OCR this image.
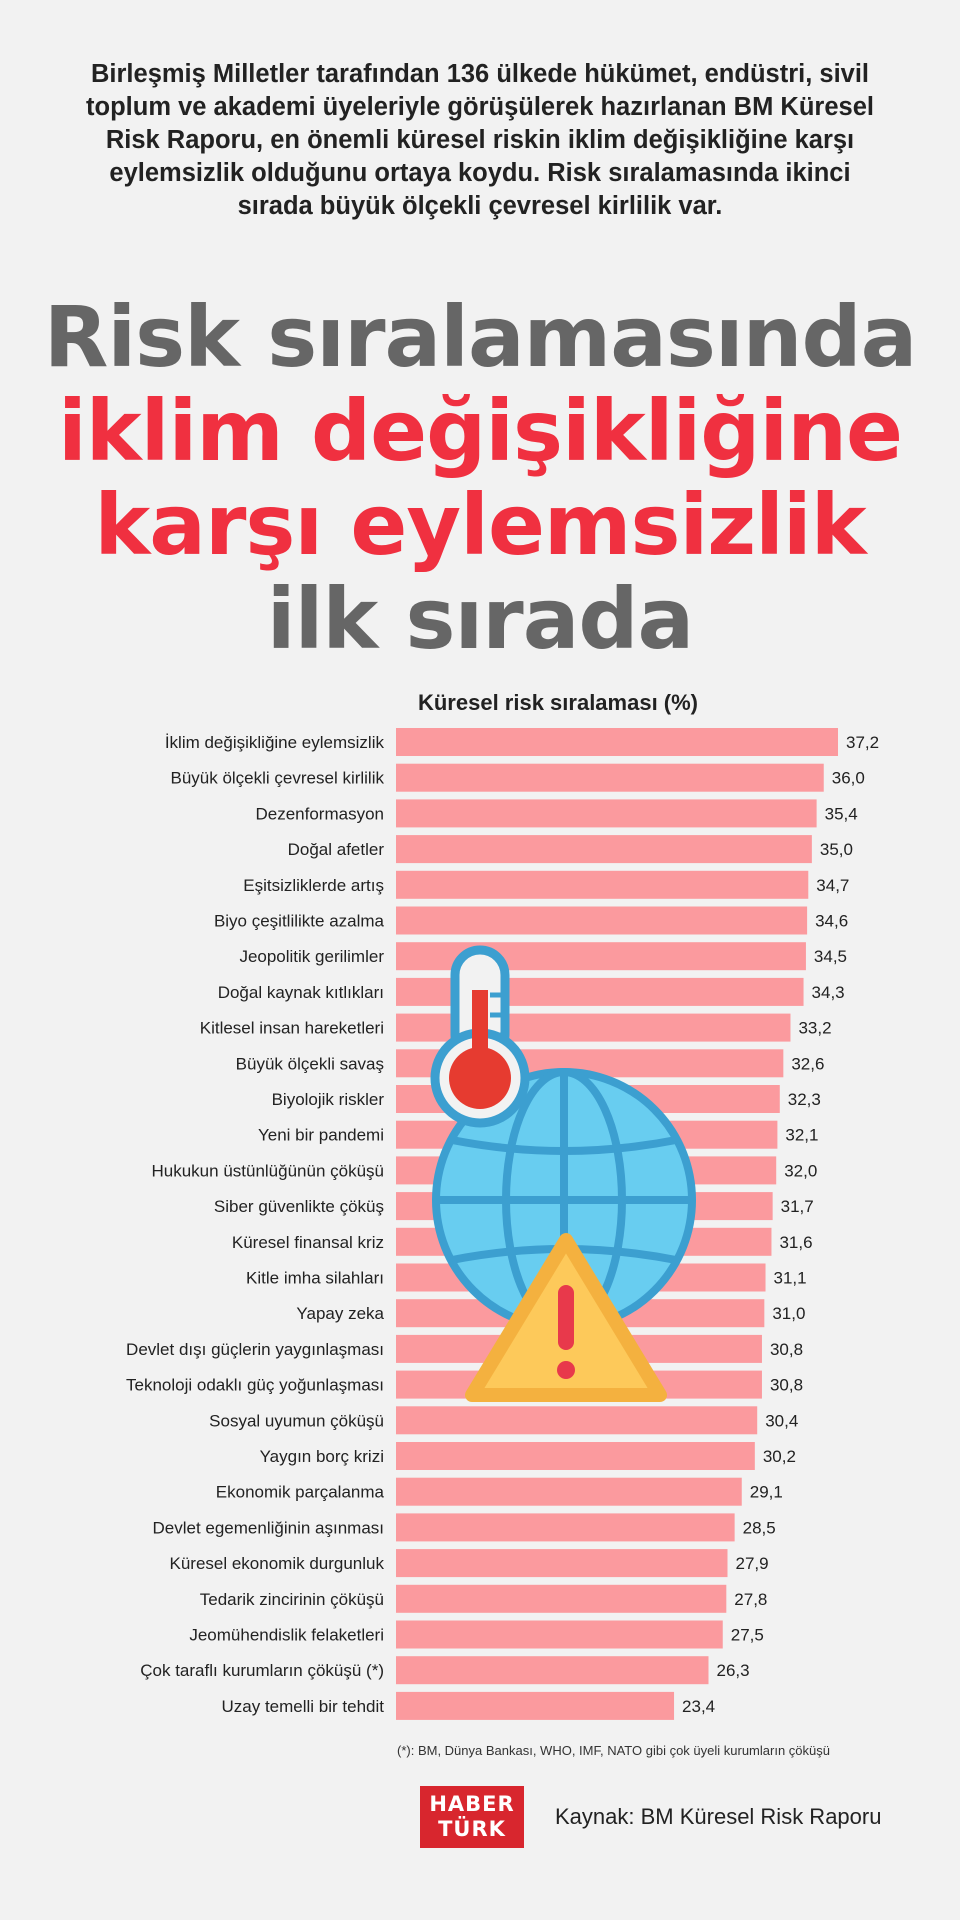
Birleşmiş Milletler tarafından 136 ülkede hükümet, endüstri, sivil toplum ve akademi üyeleriyle görüşülerek hazırlanan BM Küresel Risk Raporu, en önemli küresel riskin iklim değişikliğine karşı eylemsizlik olduğunu ortaya koydu. Risk sıralamasında ikinci sırada büyük ölçekli çevresel kirlilik var.
Risk sıralamasında
iklim değişikliğine
karşı eylemsizlik
ilk sırada
Küresel risk sıralaması (%)
İklim değişikliğine eylemsizlik	37,2
Büyük ölçekli çevresel kirlilik	36,0
Dezenformasyon	35,4
Doğal afetler	35,0
Eşitsizliklerde artış	34,7
Biyo çeşitlilikte azalma	34,6
Jeopolitik gerilimler	34,5
Doğal kaynak kıtlıkları	34,3
Kitlesel insan hareketleri	33,2
Büyük ölçekli savaş	32,6
Biyolojik riskler	32,3
Yeni bir pandemi	32,1
Hukukun üstünlüğünün çöküşü	32,0
Siber güvenlikte çöküş	31,7
Küresel finansal kriz	31,6
Kitle imha silahları	31,1
Yapay zeka	31,0
Devlet dışı güçlerin yaygınlaşması	30,8
Teknoloji odaklı güç yoğunlaşması	30,8
Sosyal uyumun çöküşü	30,4
Yaygın borç krizi	30,2
Ekonomik parçalanma	29,1
Devlet egemenliğinin aşınması	28,5
Küresel ekonomik durgunluk	27,9
Tedarik zincirinin çöküşü	27,8
Jeomühendislik felaketleri	27,5
Çok taraflı kurumların çöküşü (*)	26,3
Uzay temelli bir tehdit	23,4
(*): BM, Dünya Bankası, WHO, IMF, NATO gibi çok üyeli kurumların çöküşü
HABER
TÜRK	Kaynak: BM Küresel Risk Raporu
